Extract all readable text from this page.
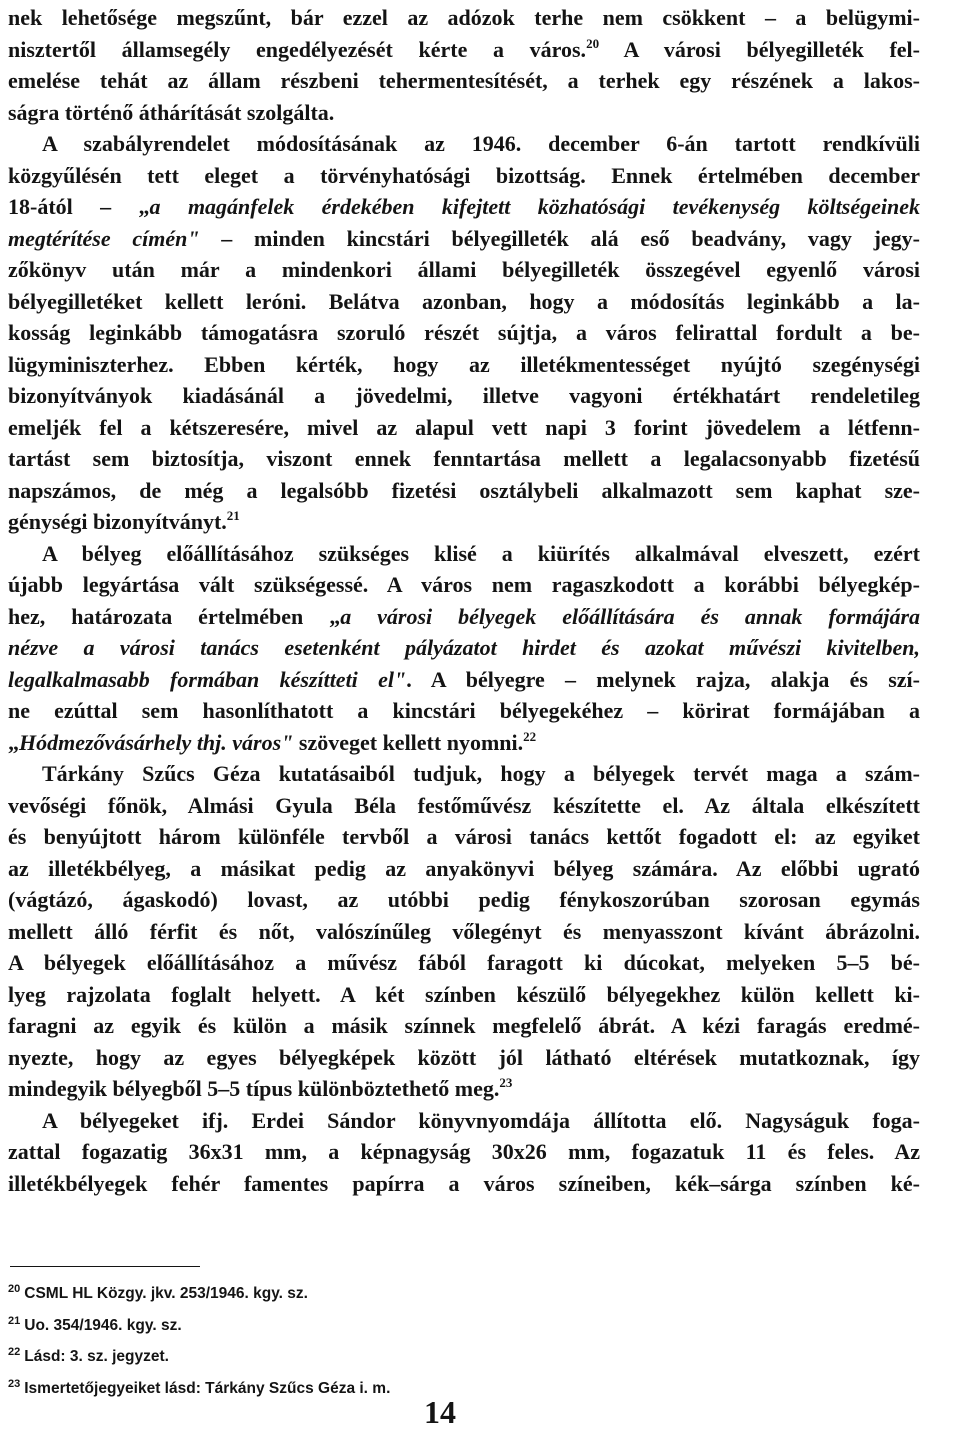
nek lehetősége megszűnt, bár ezzel az adózok terhe nem csökkent – a belügymi-
nisztertől államsegély engedélyezését kérte a város.$^{20}$ A városi bélyegilleték fel-
emelése tehát az állam részbeni tehermentesítését, a terhek egy részének a lakos-
ságra történő áthárítását szolgálta.
A szabályrendelet módosításának az 1946. december 6-án tartott rendkívüli
közgyűlésén tett eleget a törvényhatósági bizottság. Ennek értelmében december
18-ától – „a magánfelek érdekében kifejtett közhatósági tevékenység költségeinek
megtérítése címén" – minden kincstári bélyegilleték alá eső beadvány, vagy jegy-
zőkönyv után már a mindenkori állami bélyegilleték összegével egyenlő városi
bélyegilletéket kellett leróni. Belátva azonban, hogy a módosítás leginkább a la-
kosság leginkább támogatásra szoruló részét sújtja, a város felirattal fordult a be-
lügyminiszterhez. Ebben kérték, hogy az illetékmentességet nyújtó szegénységi
bizonyítványok kiadásánál a jövedelmi, illetve vagyoni értékhatárt rendeletileg
emeljék fel a kétszeresére, mivel az alapul vett napi 3 forint jövedelem a létfenn-
tartást sem biztosítja, viszont ennek fenntartása mellett a legalacsonyabb fizetésű
napszámos, de még a legalsóbb fizetési osztálybeli alkalmazott sem kaphat sze-
génységi bizonyítványt.$^{21}$
A bélyeg előállításához szükséges klisé a kiürítés alkalmával elveszett, ezért
újabb legyártása vált szükségessé. A város nem ragaszkodott a korábbi bélyegkép-
hez, határozata értelmében „a városi bélyegek előállítására és annak formájára
nézve a városi tanács esetenként pályázatot hirdet és azokat művészi kivitelben,
legalkalmasabb formában készítteti el". A bélyegre – melynek rajza, alakja és szí-
ne ezúttal sem hasonlíthatott a kincstári bélyegekéhez – körirat formájában a
„Hódmezővásárhely thj. város" szöveget kellett nyomni.$^{22}$
Tárkány Szűcs Géza kutatásaiból tudjuk, hogy a bélyegek tervét maga a szám-
vevőségi főnök, Almási Gyula Béla festőművész készítette el. Az általa elkészített
és benyújtott három különféle tervből a városi tanács kettőt fogadott el: az egyiket
az illetékbélyeg, a másikat pedig az anyakönyvi bélyeg számára. Az előbbi ugrató
(vágtázó, ágaskodó) lovast, az utóbbi pedig fénykoszorúban szorosan egymás
mellett álló férfit és nőt, valószínűleg vőlegényt és menyasszont kívánt ábrázolni.
A bélyegek előállításához a művész fából faragott ki dúcokat, melyeken 5–5 bé-
lyeg rajzolata foglalt helyett. A két színben készülő bélyegekhez külön kellett ki-
faragni az egyik és külön a másik színnek megfelelő ábrát. A kézi faragás eredmé-
nyezte, hogy az egyes bélyegképek között jól látható eltérések mutatkoznak, így
mindegyik bélyegből 5–5 típus különböztethető meg.$^{23}$
A bélyegeket ifj. Erdei Sándor könyvnyomdája állította elő. Nagyságuk foga-
zattal fogazatig 36x31 mm, a képnagyság 30x26 mm, fogazatuk 11 és feles. Az
illetékbélyegek fehér famentes papírra a város színeiben, kék–sárga színben ké-
$^{20}$ CSML HL Közgy. jkv. 253/1946. kgy. sz.
$^{21}$ Uo. 354/1946. kgy. sz.
$^{22}$ Lásd: 3. sz. jegyzet.
$^{23}$ Ismertetőjegyeiket lásd: Tárkány Szűcs Géza i. m.
14
